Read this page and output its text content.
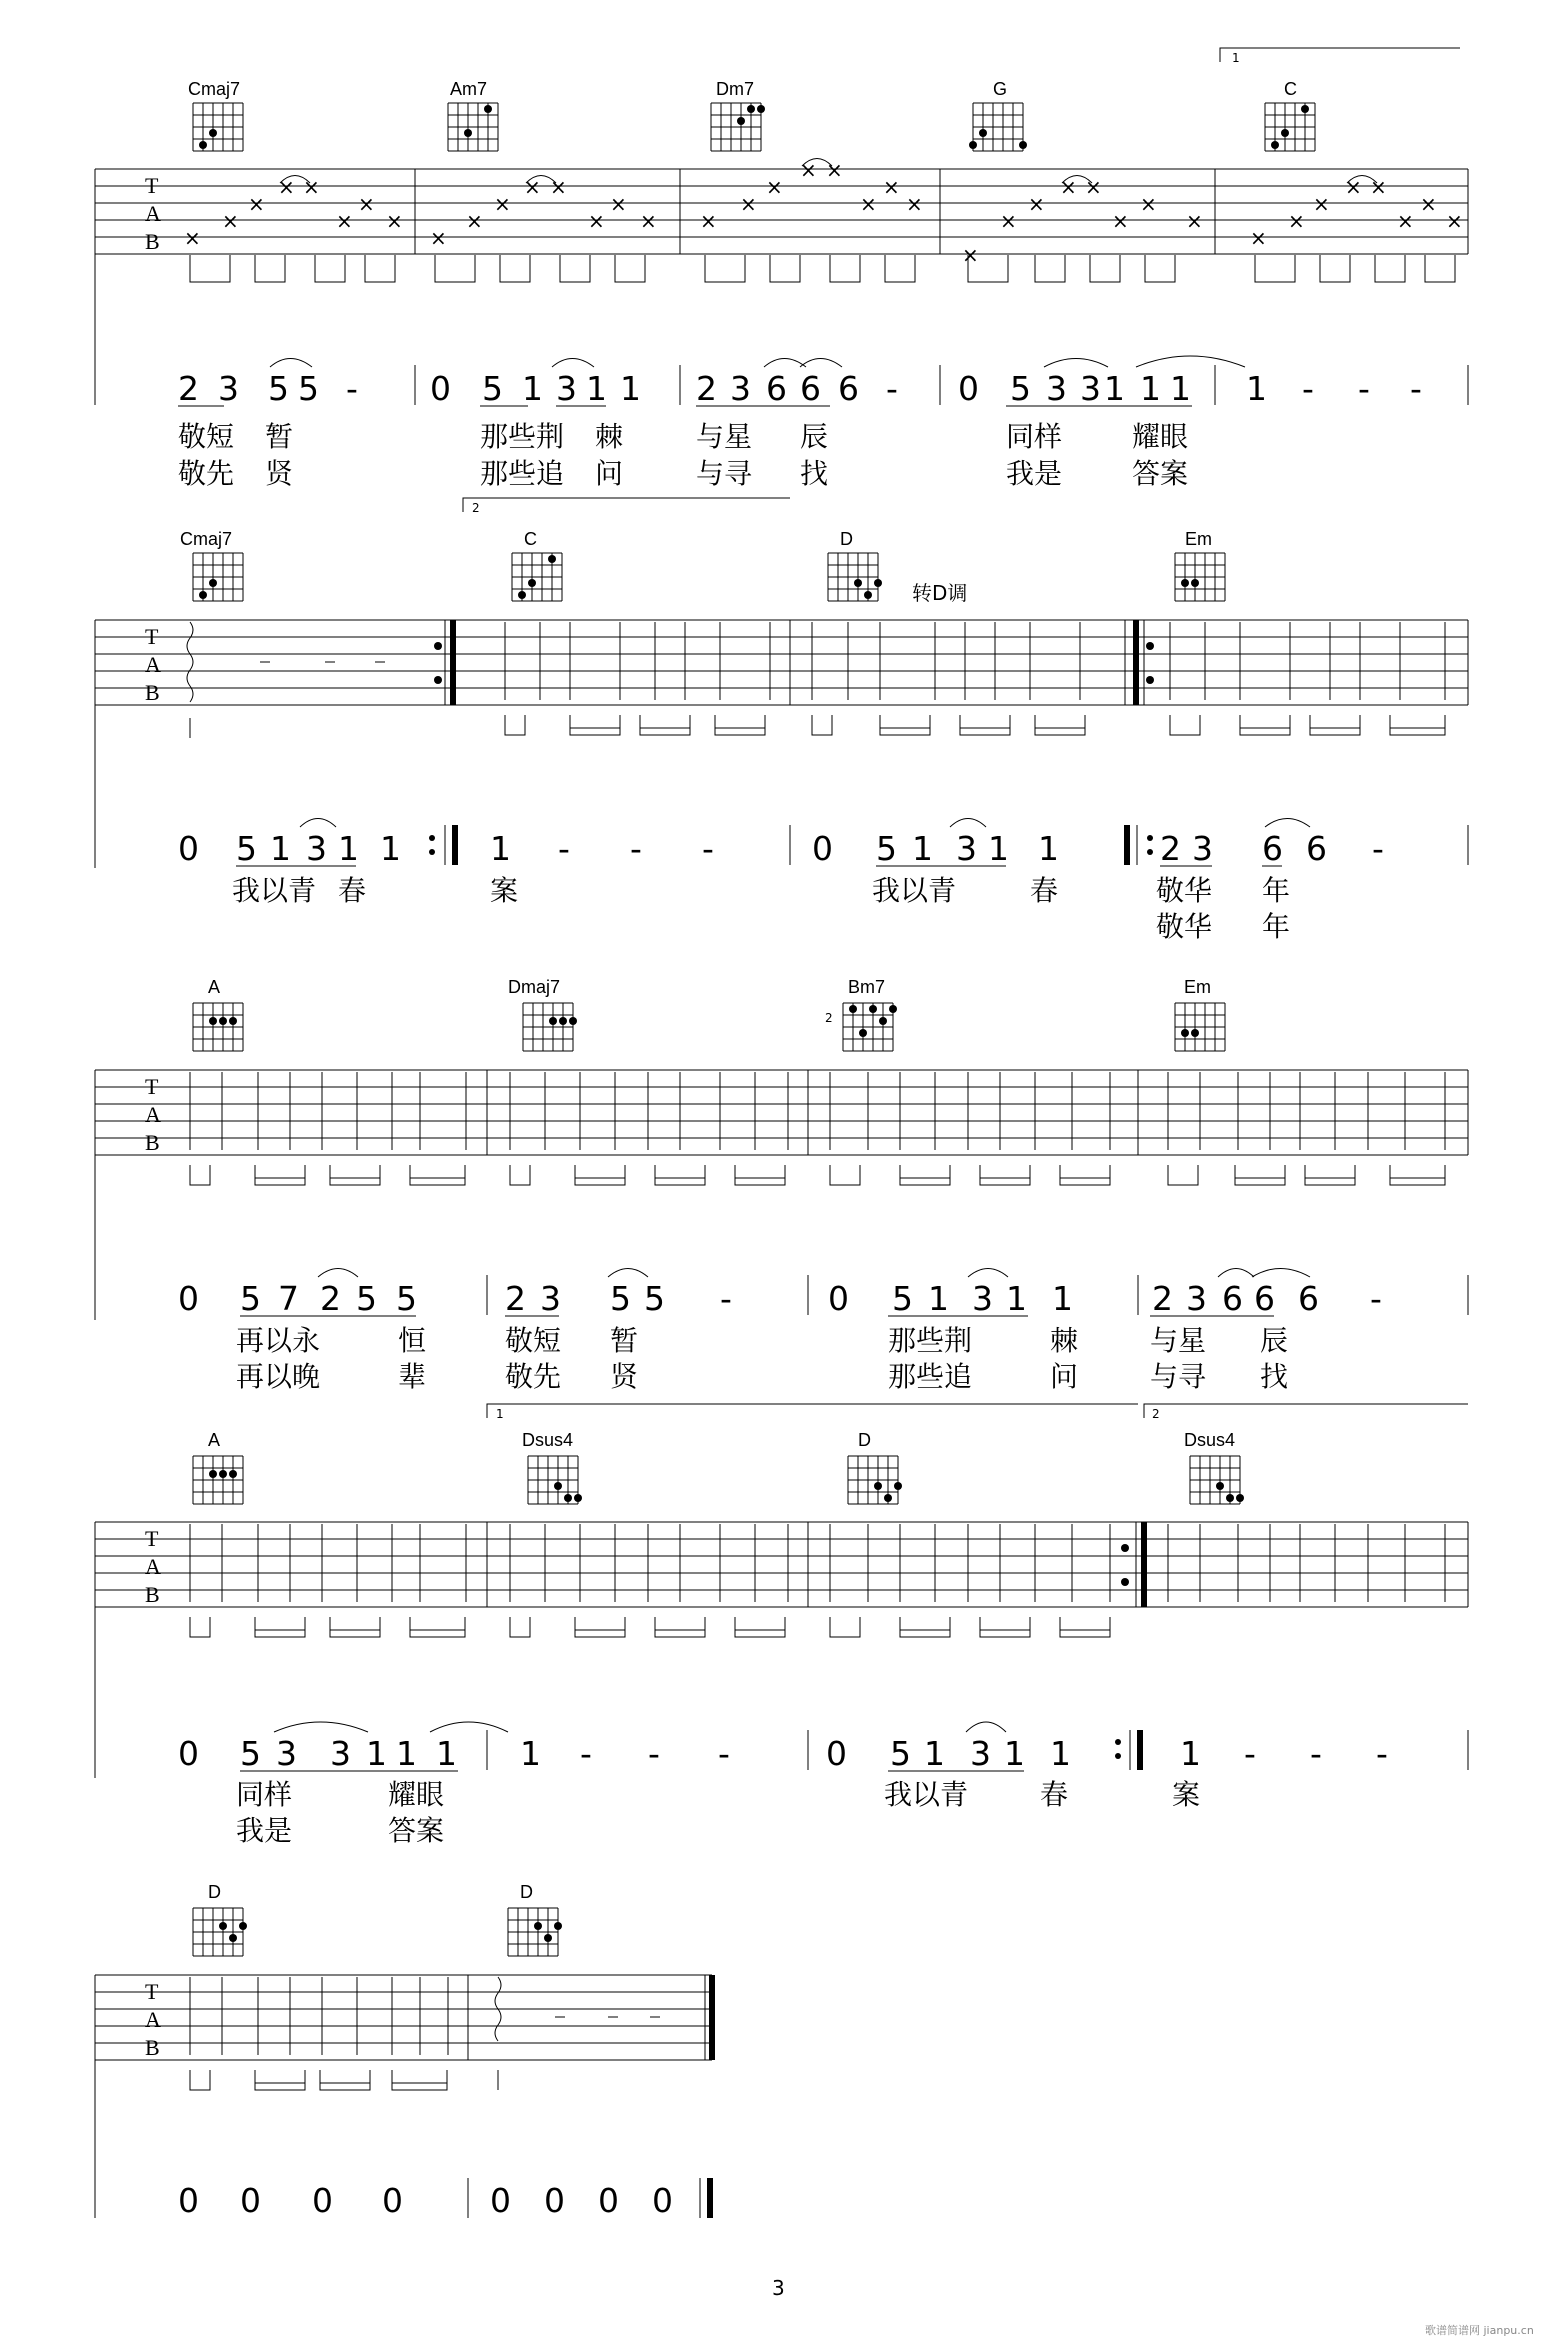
1
Cmaj7	Am7	Dm7	G	C
T
A
B ×
×
×
× ×
×
×
×
×
×
×
× ×
×
×
× ×
×
×
× ×
×
×
×
×
×
×
× ×
×
×
×
×
×
×
× ×
×
×
×
2 3 5 5 - 0 5 1 3 1 1 2 3 6 6 6 - 0 5 3 3 1 1 1 1 - - -
敬短 暂	那些荆 棘	与星 辰	同样 耀眼
敬先 贤	那些追 问	与寻 找	我是 答案
2
Cmaj7	C	D	Em
转D调
T
A
B
0 5 1 3 1 1	1 - - -	0 5 1 3 1 1	2 3 6 6 -
我以青 春	案	我以青	春	敬华 年
敬华 年
A	Dmaj7	Bm7	Em
2
T
A
B
0 5 7 2 5 5	2 3 5 5 -	0 5 1 3 1 1 2 3 6 6 6 -
再以永	恒	敬短 暂	那些荆	棘	与星 辰
再以晚	辈	敬先 贤	那些追	问	与寻 找
1	2
A	Dsus4	D	Dsus4
T
A
B
0 5 3 3 1 1 1 1 - - -	0 5 1 3 1 1	1 - - -
同样	耀眼	我以青	春	案
我是	答案
D	D
T
A
B
0 0 0 0	0 0 0 0
3
歌谱简谱网 jianpu.cn
